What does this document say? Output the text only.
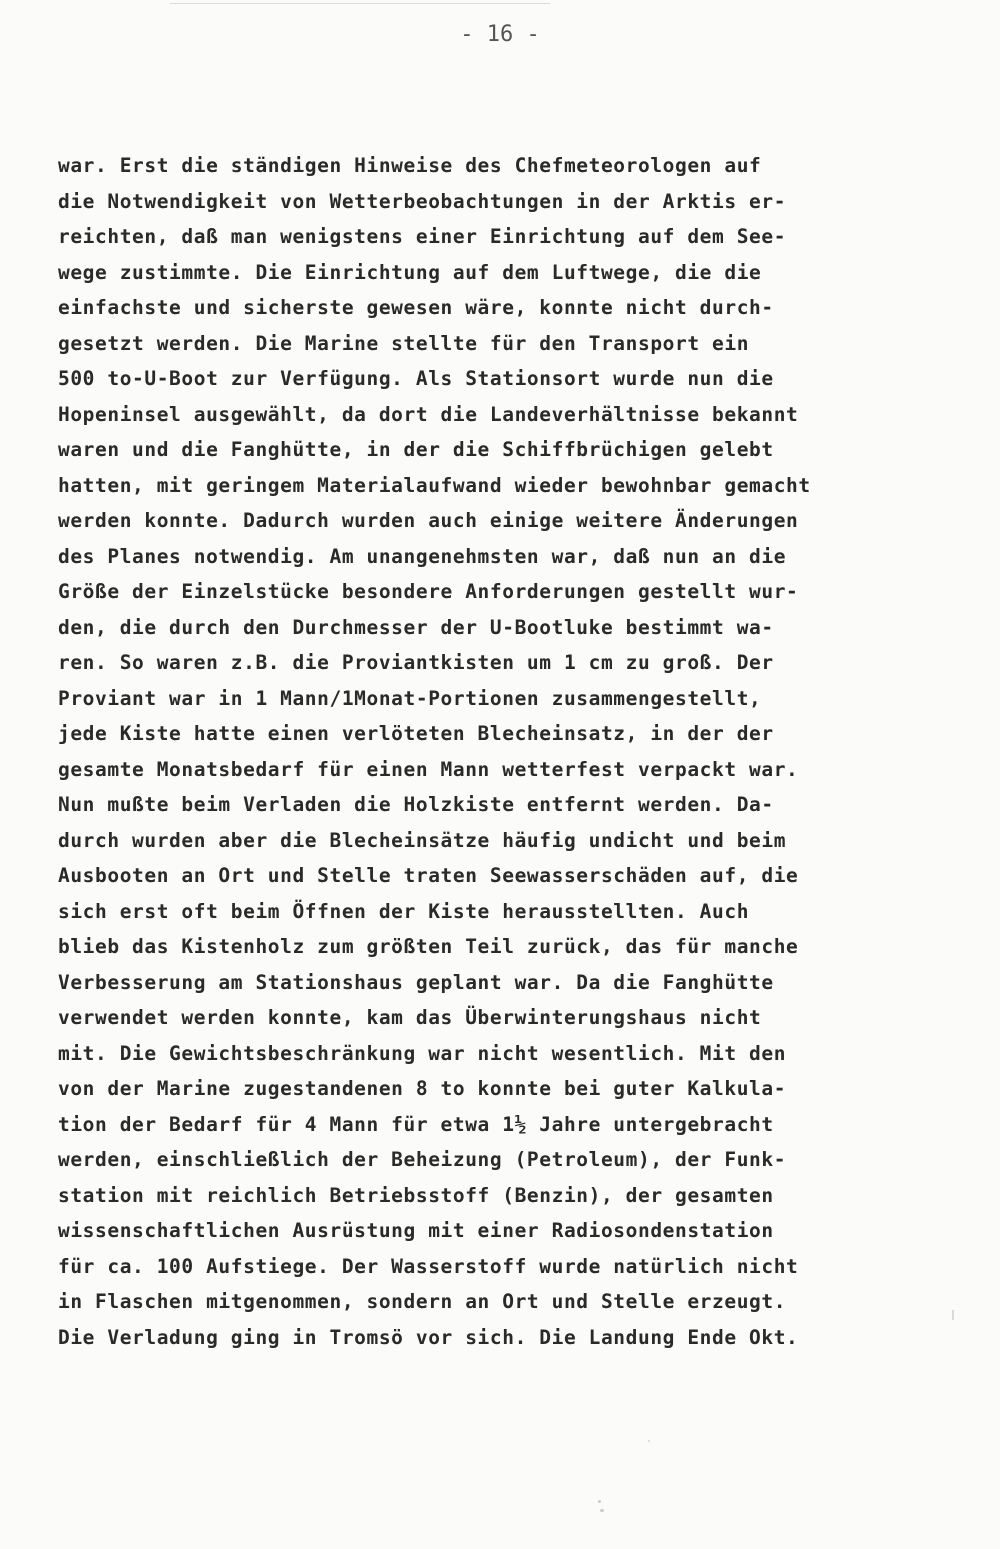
- 16 -
war. Erst die ständigen Hinweise des Chefmeteorologen auf
die Notwendigkeit von Wetterbeobachtungen in der Arktis er-
reichten, daß man wenigstens einer Einrichtung auf dem See-
wege zustimmte. Die Einrichtung auf dem Luftwege, die die
einfachste und sicherste gewesen wäre, konnte nicht durch-
gesetzt werden. Die Marine stellte für den Transport ein
500 to-U-Boot zur Verfügung. Als Stationsort wurde nun die
Hopeninsel ausgewählt, da dort die Landeverhältnisse bekannt
waren und die Fanghütte, in der die Schiffbrüchigen gelebt
hatten, mit geringem Materialaufwand wieder bewohnbar gemacht
werden konnte. Dadurch wurden auch einige weitere Änderungen
des Planes notwendig. Am unangenehmsten war, daß nun an die
Größe der Einzelstücke besondere Anforderungen gestellt wur-
den, die durch den Durchmesser der U-Bootluke bestimmt wa-
ren. So waren z.B. die Proviantkisten um 1 cm zu groß. Der
Proviant war in 1 Mann/1Monat-Portionen zusammengestellt,
jede Kiste hatte einen verlöteten Blecheinsatz, in der der
gesamte Monatsbedarf für einen Mann wetterfest verpackt war.
Nun mußte beim Verladen die Holzkiste entfernt werden. Da-
durch wurden aber die Blecheinsätze häufig undicht und beim
Ausbooten an Ort und Stelle traten Seewasserschäden auf, die
sich erst oft beim Öffnen der Kiste herausstellten. Auch
blieb das Kistenholz zum größten Teil zurück, das für manche
Verbesserung am Stationshaus geplant war. Da die Fanghütte
verwendet werden konnte, kam das Überwinterungshaus nicht
mit. Die Gewichtsbeschränkung war nicht wesentlich. Mit den
von der Marine zugestandenen 8 to konnte bei guter Kalkula-
tion der Bedarf für 4 Mann für etwa 1½ Jahre untergebracht
werden, einschließlich der Beheizung (Petroleum), der Funk-
station mit reichlich Betriebsstoff (Benzin), der gesamten
wissenschaftlichen Ausrüstung mit einer Radiosondenstation
für ca. 100 Aufstiege. Der Wasserstoff wurde natürlich nicht
in Flaschen mitgenommen, sondern an Ort und Stelle erzeugt.
Die Verladung ging in Tromsö vor sich. Die Landung Ende Okt.
